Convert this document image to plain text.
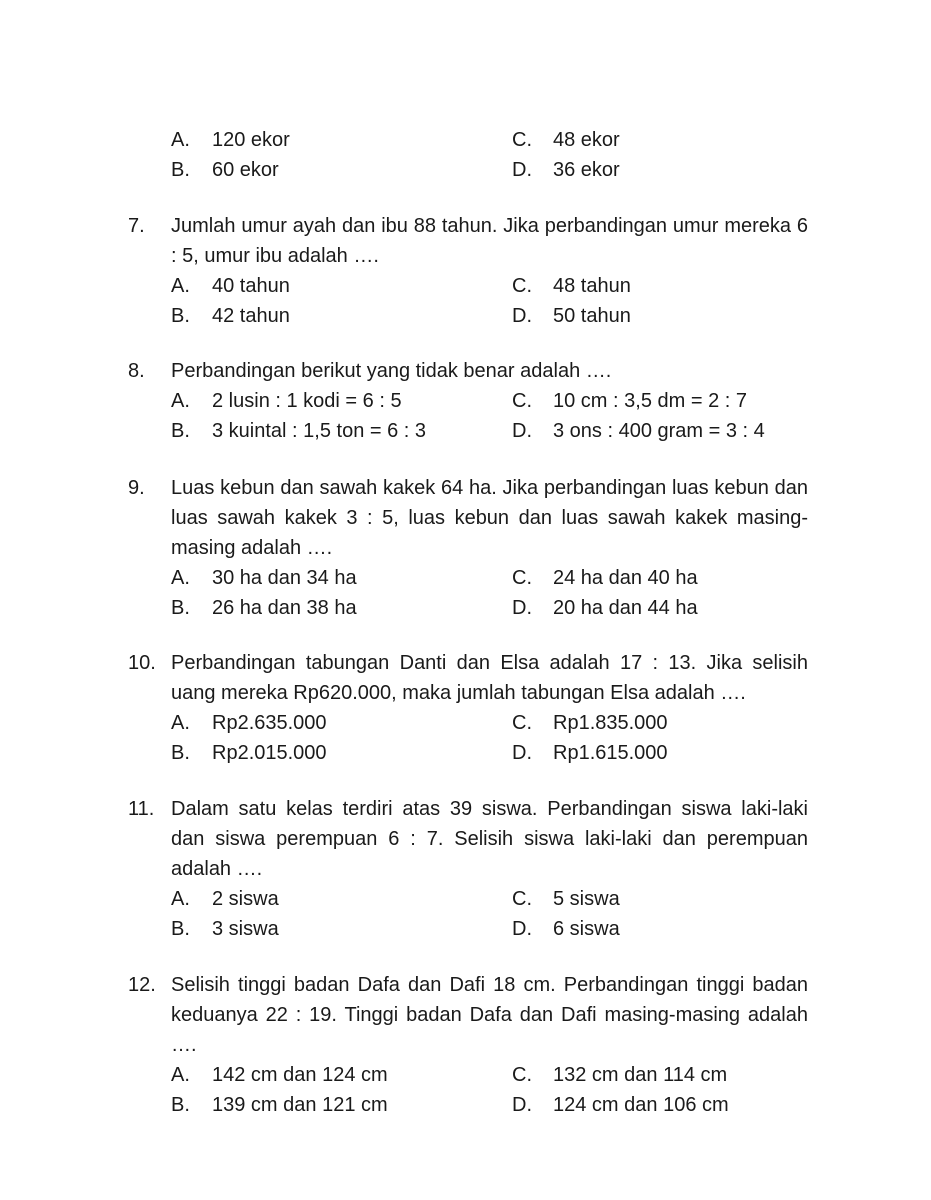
A. 120 ekor
B. 60 ekor
C. 48 ekor
D. 36 ekor
7. Jumlah umur ayah dan ibu 88 tahun. Jika perbandingan umur mereka 6 : 5, umur ibu adalah ….
A. 40 tahun
B. 42 tahun
C. 48 tahun
D. 50 tahun
8. Perbandingan berikut yang tidak benar adalah ….
A. 2 lusin : 1 kodi = 6 : 5
B. 3 kuintal : 1,5 ton = 6 : 3
C. 10 cm : 3,5 dm = 2 : 7
D. 3 ons : 400 gram = 3 : 4
9. Luas kebun dan sawah kakek 64 ha. Jika perbandingan luas kebun dan luas sawah kakek 3 : 5, luas kebun dan luas sawah kakek masing-masing adalah ….
A. 30 ha dan 34 ha
B. 26 ha dan 38 ha
C. 24 ha dan 40 ha
D. 20 ha dan 44 ha
10. Perbandingan tabungan Danti dan Elsa adalah 17 : 13. Jika selisih uang mereka Rp620.000, maka jumlah tabungan Elsa adalah ….
A. Rp2.635.000
B. Rp2.015.000
C. Rp1.835.000
D. Rp1.615.000
11. Dalam satu kelas terdiri atas 39 siswa. Perbandingan siswa laki-laki dan siswa perempuan 6 : 7. Selisih siswa laki-laki dan perempuan adalah ….
A. 2 siswa
B. 3 siswa
C. 5 siswa
D. 6 siswa
12. Selisih tinggi badan Dafa dan Dafi 18 cm. Perbandingan tinggi badan keduanya 22 : 19. Tinggi badan Dafa dan Dafi masing-masing adalah ….
A. 142 cm dan 124 cm
B. 139 cm dan 121 cm
C. 132 cm dan 114 cm
D. 124 cm dan 106 cm
